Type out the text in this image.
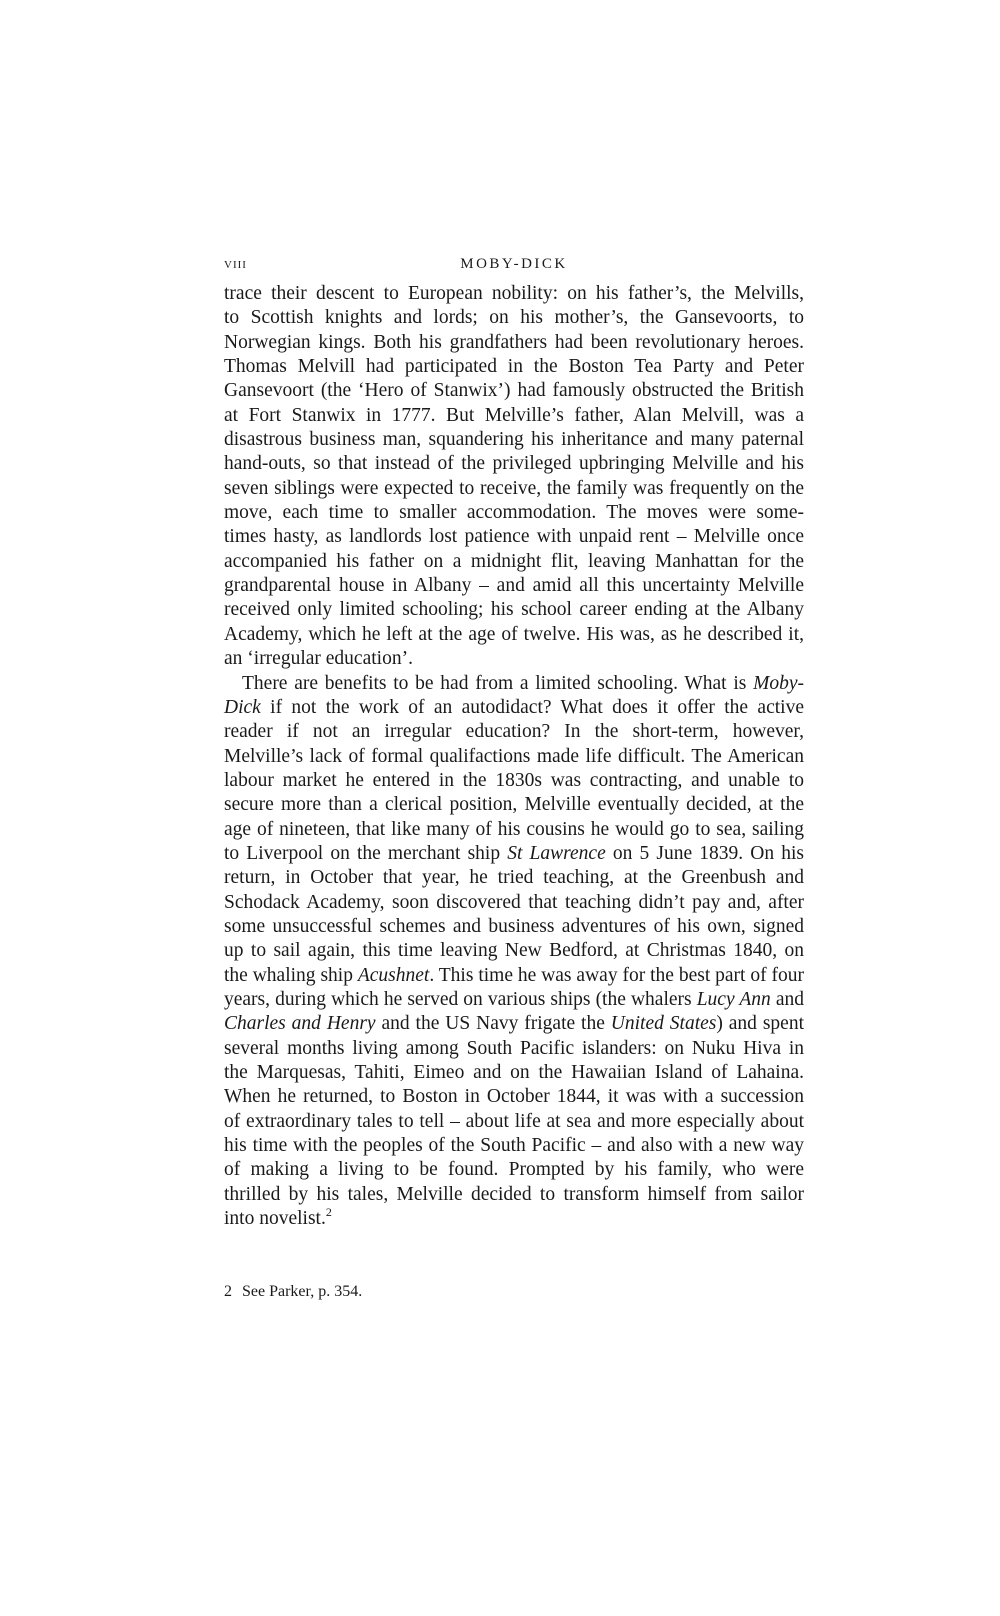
viii	MOBY-DICK

trace their descent to European nobility: on his father’s, the Melvills,
to Scottish knights and lords; on his mother’s, the Gansevoorts, to
Norwegian kings. Both his grandfathers had been revolutionary heroes.
Thomas Melvill had participated in the Boston Tea Party and Peter
Gansevoort (the ‘Hero of Stanwix’) had famously obstructed the British
at Fort Stanwix in 1777. But Melville’s father, Alan Melvill, was a
disastrous business man, squandering his inheritance and many paternal
hand-outs, so that instead of the privileged upbringing Melville and his
seven siblings were expected to receive, the family was frequently on the
move, each time to smaller accommodation. The moves were some-
times hasty, as landlords lost patience with unpaid rent – Melville once
accompanied his father on a midnight flit, leaving Manhattan for the
grandparental house in Albany – and amid all this uncertainty Melville
received only limited schooling; his school career ending at the Albany
Academy, which he left at the age of twelve. His was, as he described it,
an ‘irregular education’.

There are benefits to be had from a limited schooling. What is Moby-
Dick if not the work of an autodidact? What does it offer the active
reader if not an irregular education? In the short-term, however,
Melville’s lack of formal qualifactions made life difficult. The American
labour market he entered in the 1830s was contracting, and unable to
secure more than a clerical position, Melville eventually decided, at the
age of nineteen, that like many of his cousins he would go to sea, sailing
to Liverpool on the merchant ship St Lawrence on 5 June 1839. On his
return, in October that year, he tried teaching, at the Greenbush and
Schodack Academy, soon discovered that teaching didn’t pay and, after
some unsuccessful schemes and business adventures of his own, signed
up to sail again, this time leaving New Bedford, at Christmas 1840, on
the whaling ship Acushnet. This time he was away for the best part of four
years, during which he served on various ships (the whalers Lucy Ann and
Charles and Henry and the US Navy frigate the United States) and spent
several months living among South Pacific islanders: on Nuku Hiva in
the Marquesas, Tahiti, Eimeo and on the Hawaiian Island of Lahaina.
When he returned, to Boston in October 1844, it was with a succession
of extraordinary tales to tell – about life at sea and more especially about
his time with the peoples of the South Pacific – and also with a new way
of making a living to be found. Prompted by his family, who were
thrilled by his tales, Melville decided to transform himself from sailor
into novelist.$^2$

2 See Parker, p. 354.
